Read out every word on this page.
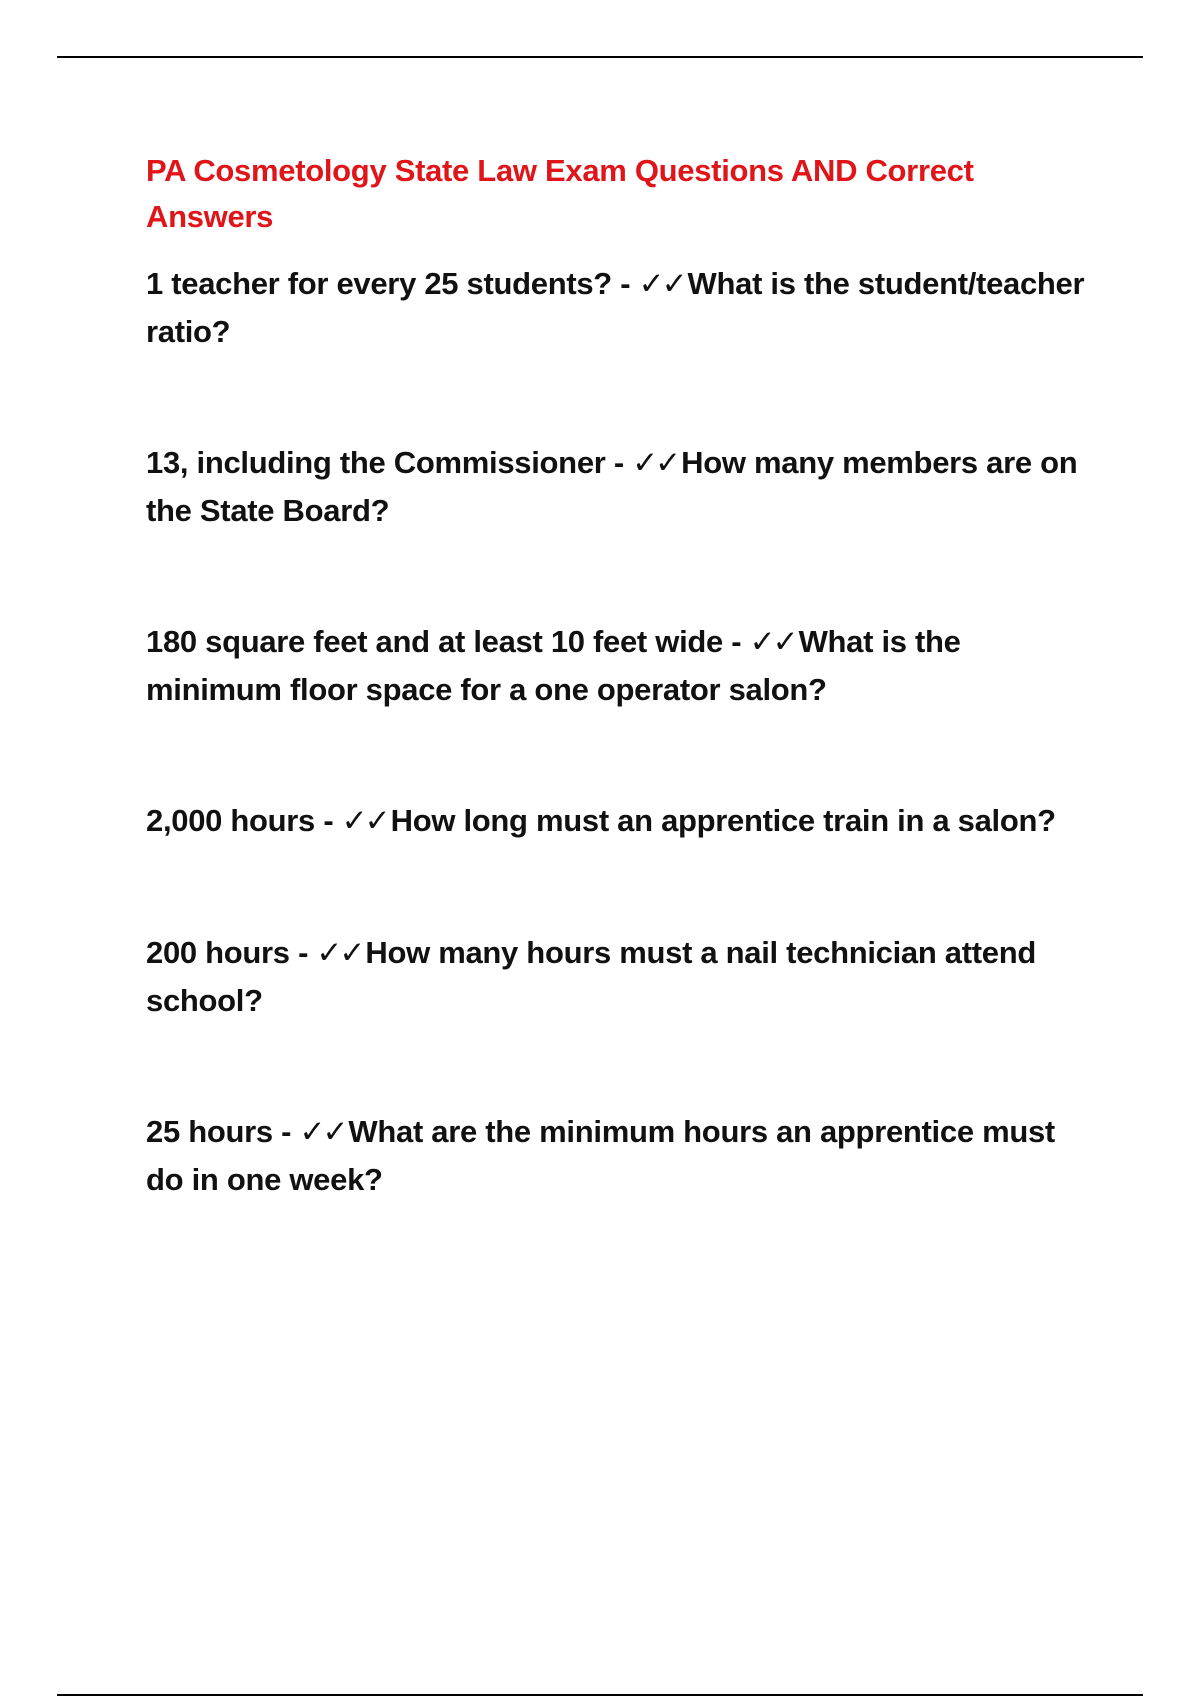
PA Cosmetology State Law Exam Questions AND Correct Answers
1 teacher for every 25 students? - ✓✓What is the student/teacher ratio?
13, including the Commissioner - ✓✓How many members are on the State Board?
180 square feet and at least 10 feet wide - ✓✓What is the minimum floor space for a one operator salon?
2,000 hours - ✓✓How long must an apprentice train in a salon?
200 hours - ✓✓How many hours must a nail technician attend school?
25 hours - ✓✓What are the minimum hours an apprentice must do in one week?
